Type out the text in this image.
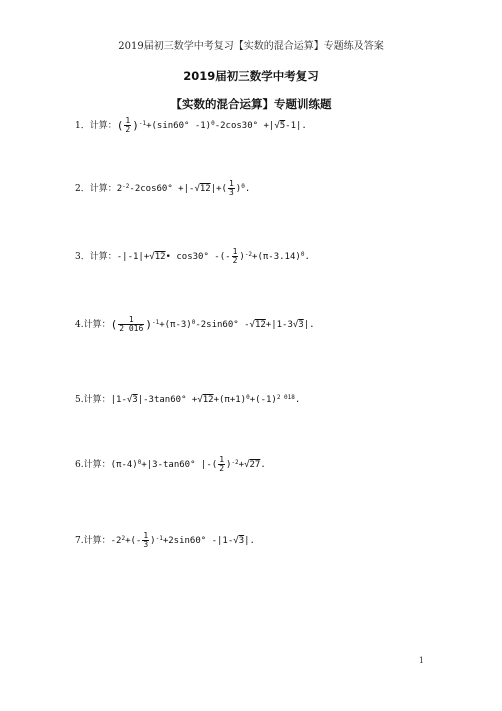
2019届初三数学中考复习【实数的混合运算】专题练及答案
2019届初三数学中考复习
【实数的混合运算】专题训练题
1．计算：( $\frac{1}{2} )^{-1}+(\sin 60^\circ$ -1)$^0$-2cos30° +|√5-1|.
2．计算：$2^{-2}-2\cos 60^\circ +|-√12|+( \frac{1}{3} )^0$.
3．计算：-|-1|+√12• cos30° -(- $\frac{1}{2} )^{-2}+(\pi-3.14)^0$.
4.计算：( $\frac{1}{2 016} )^{-1}+(\pi-3)^0-2\sin 60^\circ$ -√12+|1-3√3|.
5.计算：$|1-√3|-3\tan 60^\circ +√12+(\pi+1)^0+(-1)^{2 018}$.
6.计算：$(\pi-4)^0+|3-\tan 60^\circ$ |-( $\frac{1}{2} )^{-2}+√27$.
7.计算：$-2^2+(- \frac{1}{3} )^{-1}+2\sin 60^\circ$ -|1-√3|.
1
